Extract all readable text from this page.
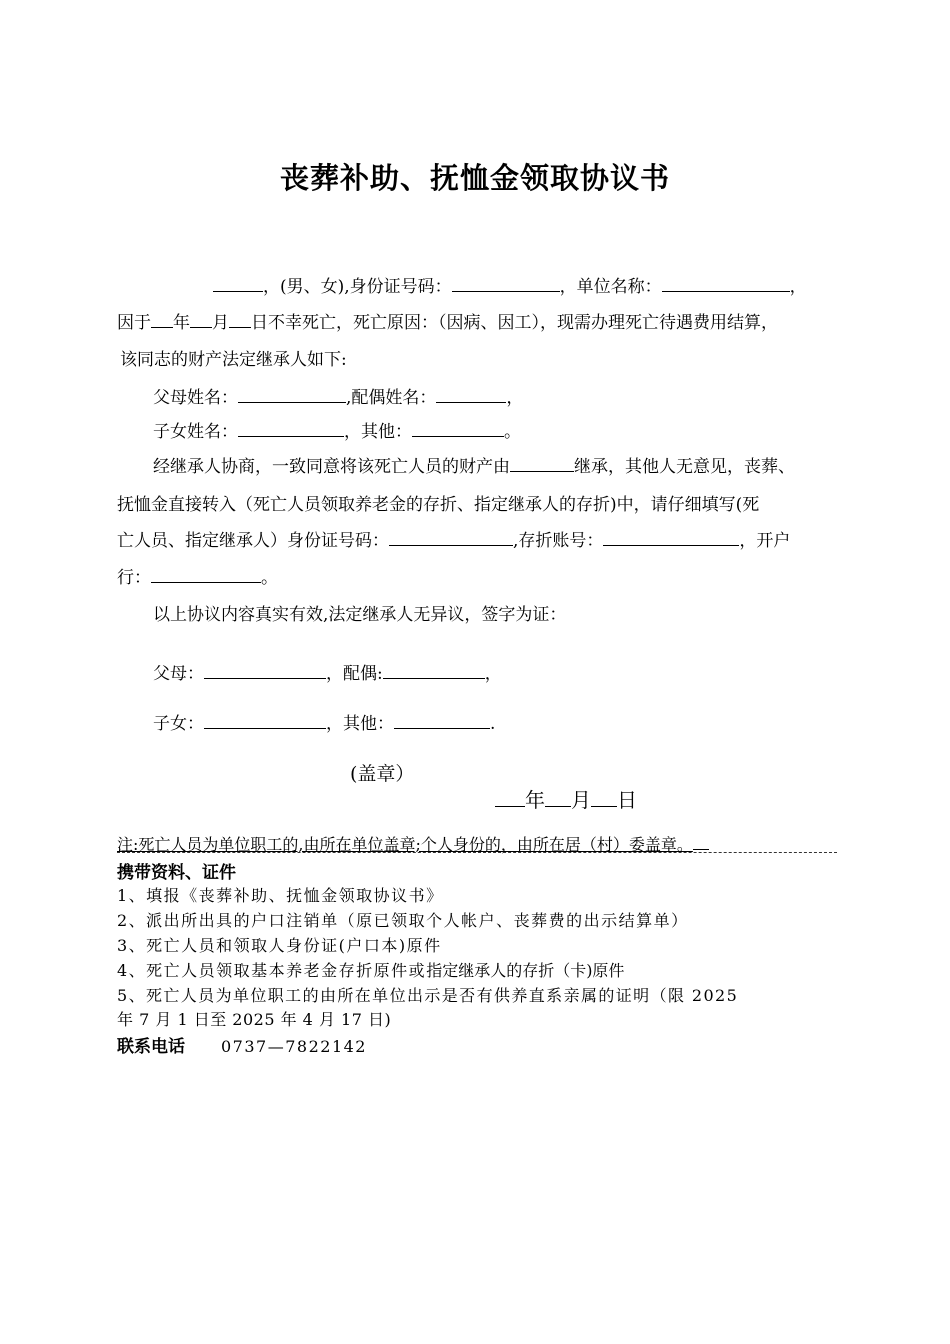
丧葬补助、抚恤金领取协议书
，(男、女),身份证号码：	，单位名称：	，
因于 年 月 日不幸死亡，死亡原因：（因病、因工），现需办理死亡待遇费用结算，
该同志的财产法定继承人如下:
父母姓名：	,配偶姓名：	，
子女姓名：	，其他：	。
经继承人协商，一致同意将该死亡人员的财产由	继承，其他人无意见，丧葬、
抚恤金直接转入（死亡人员领取养老金的存折、指定继承人的存折)中，请仔细填写(死
亡人员、指定继承人）身份证号码：	,存折账号：	，开户
行：	。
以上协议内容真实有效,法定继承人无异议，签字为证：
父母：	，配偶:	，
子女：	，其他：	.
(盖章）
年 月 日
注:死亡人员为单位职工的,由所在单位盖章;个人身份的，由所在居（村）委盖章。
携带资料、证件
1、填报《丧葬补助、抚恤金领取协议书》
2、派出所出具的户口注销单（原已领取个人帐户、丧葬费的出示结算单）
3、死亡人员和领取人身份证(户口本)原件
4、死亡人员领取基本养老金存折原件或指定继承人的存折（卡)原件
5、死亡人员为单位职工的由所在单位出示是否有供养直系亲属的证明（限 2025
年 7 月 1 日至 2025 年 4 月 17 日)
联系电话 0737—7822142
